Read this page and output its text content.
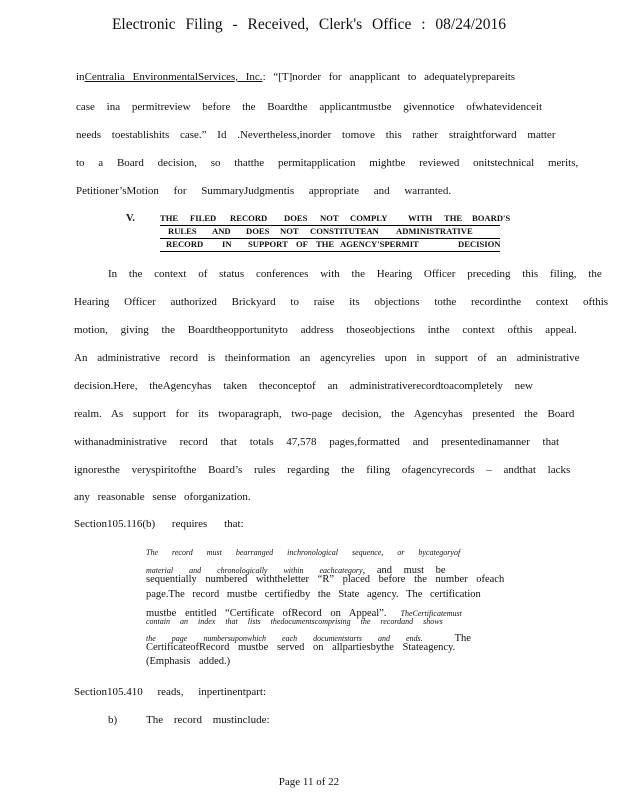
Electronic Filing - Received, Clerk's Office : 08/24/2016
inCentralia EnvironmentalServices, Inc.: “[T]norder for anapplicant to adequatelyprepareits
case ina permitreview before the Boardthe applicantmustbe givennotice ofwhatevidenceit
needs toestablishits case.” Id .Nevertheless,inorder tomove this rather straightforward matter
to a Board decision, so thatthe permitapplication mightbe reviewed onitstechnical merits,
Petitioner’sMotion for SummaryJudgmentis appropriate and warranted.
V.	THE FILED RECORD DOES NOT COMPLY WITH THE BOARD'S
RULES AND DOES NOT CONSTITUTEAN ADMINISTRATIVE
RECORD IN SUPPORT OF THE AGENCY'SPERMIT	DECISION
In the context of status conferences with the Hearing Officer preceding this filing, the
Hearing Officer authorized Brickyard to raise its objections tothe recordinthe context ofthis
motion, giving the Boardtheopportunityto address thoseobjections inthe context ofthis appeal.
An administrative record is theinformation an agencyrelies upon in support of an administrative
decision.Here, theAgencyhas taken theconceptof an administrativerecordtoacompletely new
realm. As support for its twoparagraph, two-page decision, the Agencyhas presented the Board
withanadministrative record that totals 47,578 pages,formatted and presentedinamanner that
ignoresthe veryspiritofthe Board’s rules regarding the filing ofagencyrecords – andthat lacks
any reasonable sense oforganization.
Section105.116(b) requires that:
The record must bearranged inchronological sequence, or bycategoryof
material and chronologically within eachcategory, and must be
sequentially numbered withtheletter “R” placed before the number ofeach
page.The record mustbe certifiedby the State agency. The certification
mustbe entitled “Certificate ofRecord on Appeal”. TheCertificatemust
contain an index that lists thedocumentscomprising the recordand shows
the page numbersuponwhich each documentstarts and ends.	The
CertificateofRecord mustbe served on allpartiesbythe Stateagency.
(Emphasis added.)
Section105.410 reads, inpertinentpart:
b)	The record mustinclude:
Page 11 of 22
